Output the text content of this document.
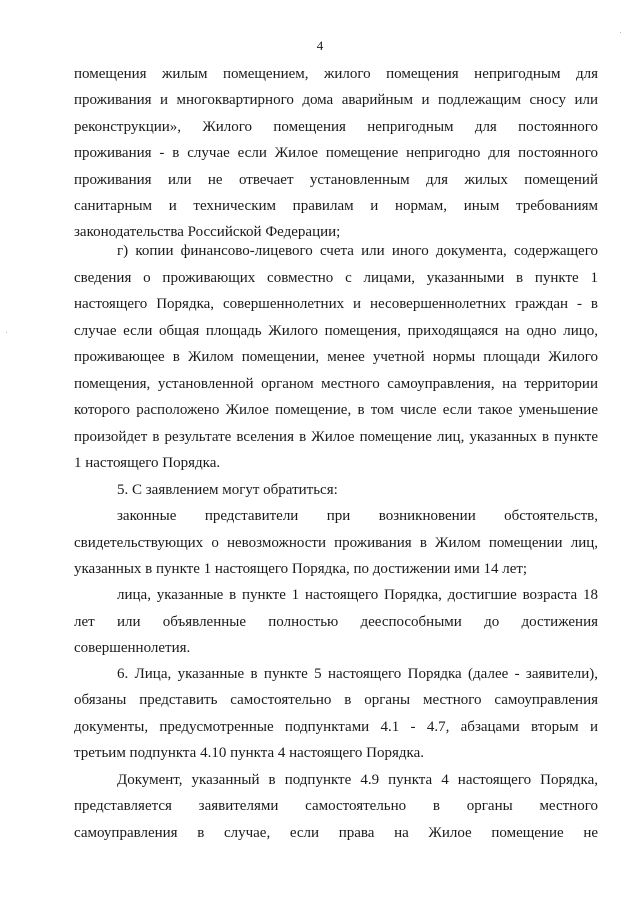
4
помещения жилым помещением, жилого помещения непригодным для
проживания и многоквартирного дома аварийным и подлежащим сносу или
реконструкции», Жилого помещения непригодным для постоянного
проживания - в случае если Жилое помещение непригодно для постоянного
проживания или не отвечает установленным для жилых помещений
санитарным и техническим правилам и нормам, иным требованиям
законодательства Российской Федерации;
г) копии финансово-лицевого счета или иного документа, содержащего
сведения о проживающих совместно с лицами, указанными в пункте 1
настоящего Порядка, совершеннолетних и несовершеннолетних граждан - в
случае если общая площадь Жилого помещения, приходящаяся на одно лицо,
проживающее в Жилом помещении, менее учетной нормы площади Жилого
помещения, установленной органом местного самоуправления, на территории
которого расположено Жилое помещение, в том числе если такое уменьшение
произойдет в результате вселения в Жилое помещение лиц, указанных в пункте
1 настоящего Порядка.
5. С заявлением могут обратиться:
законные представители при возникновении обстоятельств,
свидетельствующих о невозможности проживания в Жилом помещении лиц,
указанных в пункте 1 настоящего Порядка, по достижении ими 14 лет;
лица, указанные в пункте 1 настоящего Порядка, достигшие возраста 18
лет или объявленные полностью дееспособными до достижения
совершеннолетия.
6. Лица, указанные в пункте 5 настоящего Порядка (далее - заявители),
обязаны представить самостоятельно в органы местного самоуправления
документы, предусмотренные подпунктами 4.1 - 4.7, абзацами вторым и
третьим подпункта 4.10 пункта 4 настоящего Порядка.
Документ, указанный в подпункте 4.9 пункта 4 настоящего Порядка,
представляется заявителями самостоятельно в органы местного
самоуправления в случае, если права на Жилое помещение не
